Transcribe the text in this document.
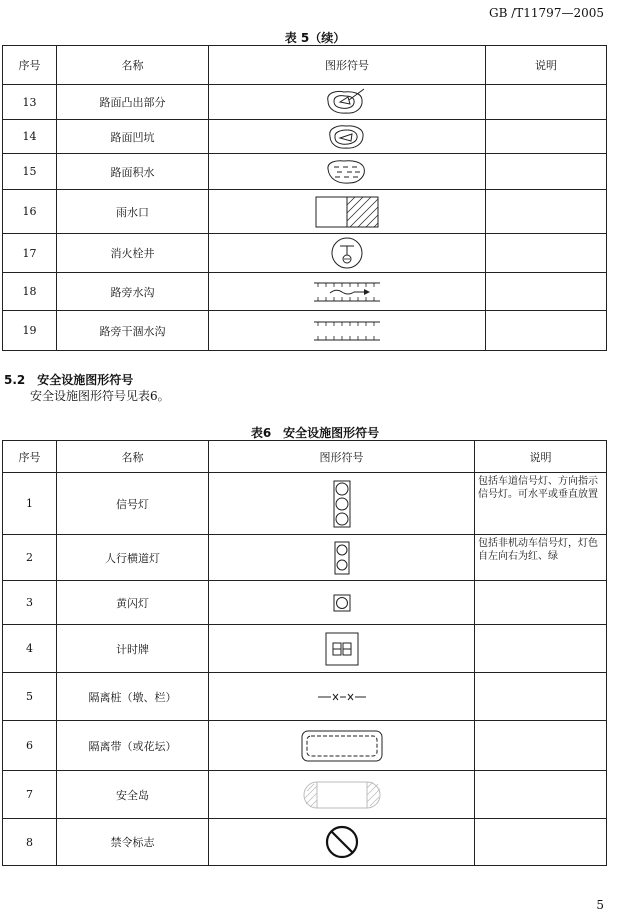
GB /T11797—2005
表 5（续）
序号	名称	图形符号	说明
13	路面凸出部分	

14	路面凹坑	

15	路面积水	

16	雨水口	

17	消火栓井	

18	路旁水沟	

19	路旁干涸水沟	

5.2　安全设施图形符号
安全设施图形符号见表6。
表6　安全设施图形符号
序号	名称	图形符号	说明
1	信号灯		包括车道信号灯、方向指示信号灯。可水平或垂直放置
2	人行横道灯		包括非机动车信号灯，灯色自左向右为红、绿
3	黄闪灯	

4	计时牌	

5	隔离桩（墩、栏）	

6	隔离带（或花坛）	

7	安全岛	

8	禁令标志	

5
